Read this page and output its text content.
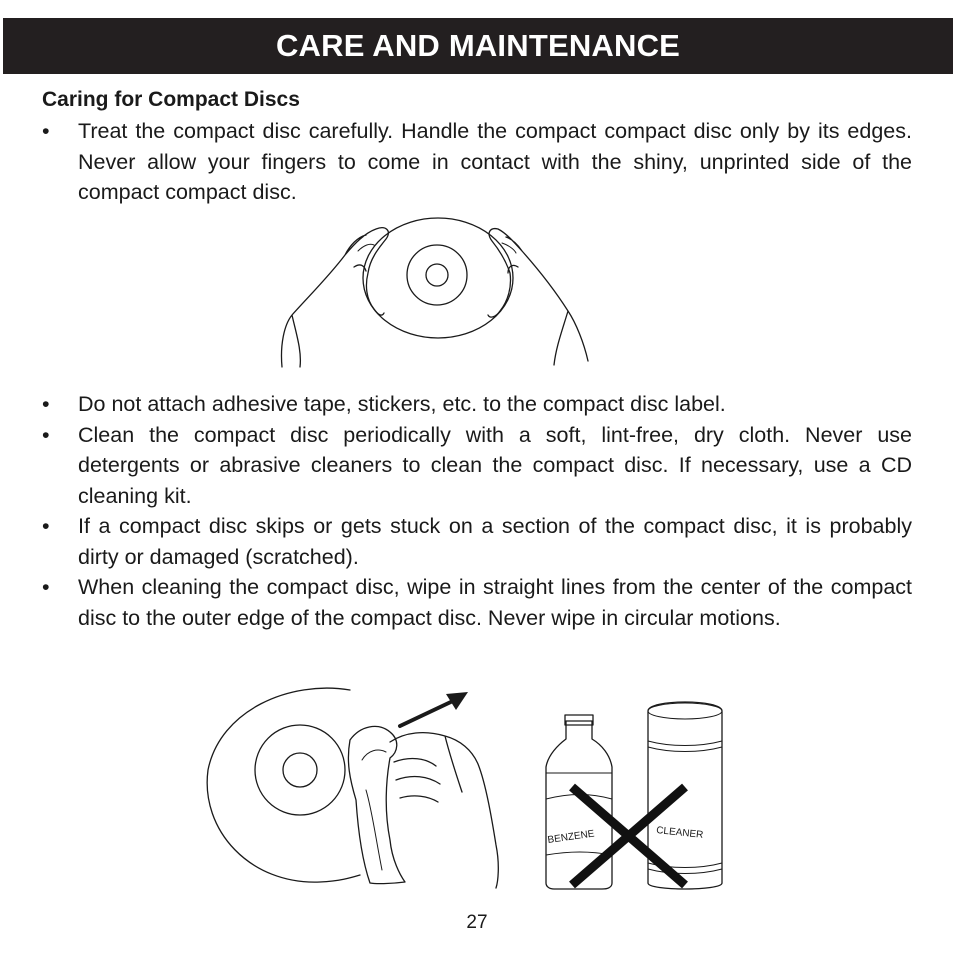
CARE AND MAINTENANCE
Caring for Compact Discs
•	Treat the compact disc carefully. Handle the compact compact disc only by its edges. Never allow your fingers to come in contact with the shiny, unprinted side of the compact compact disc.
•	Do not attach adhesive tape, stickers, etc. to the compact disc label.
•	Clean the compact disc periodically with a soft, lint-free, dry cloth. Never use detergents or abrasive cleaners to clean the compact disc. If necessary, use a CD cleaning kit.
•	If a compact disc skips or gets stuck on a section of the compact disc, it is probably dirty or damaged (scratched).
•	When cleaning the compact disc, wipe in straight lines from the center of the compact disc to the outer edge of the compact disc. Never wipe in circular motions.
BENZENE	CLEANER
27
